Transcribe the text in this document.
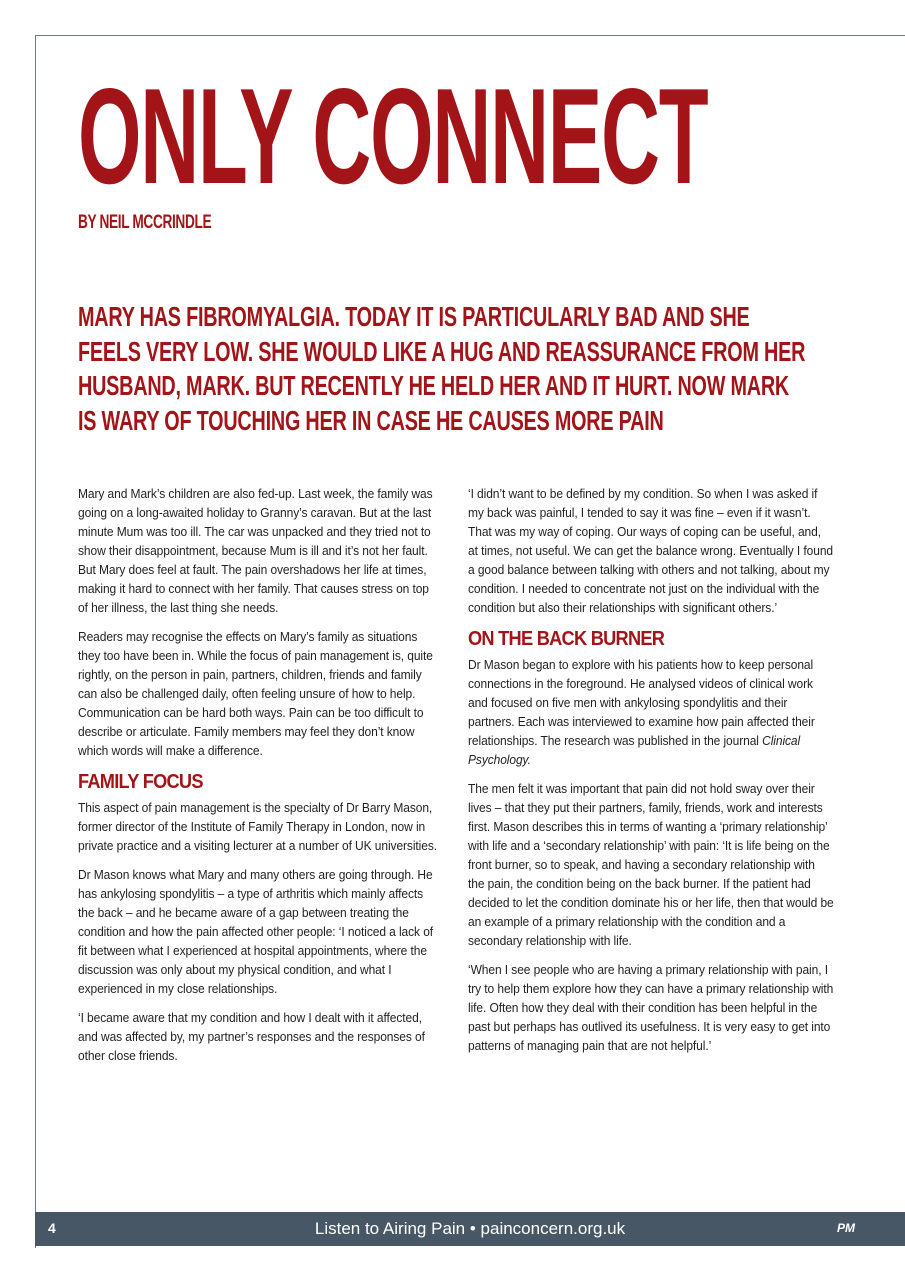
ONLY CONNECT
BY NEIL MCCRINDLE
MARY HAS FIBROMYALGIA. TODAY IT IS PARTICULARLY BAD AND SHE FEELS VERY LOW. SHE WOULD LIKE A HUG AND REASSURANCE FROM HER HUSBAND, MARK. BUT RECENTLY HE HELD HER AND IT HURT. NOW MARK IS WARY OF TOUCHING HER IN CASE HE CAUSES MORE PAIN

Mary and Mark’s children are also fed-up. Last week, the family was going on a long-awaited holiday to Granny’s caravan. But at the last minute Mum was too ill. The car was unpacked and they tried not to show their disappointment, because Mum is ill and it’s not her fault. But Mary does feel at fault. The pain overshadows her life at times, making it hard to connect with her family. That causes stress on top of her illness, the last thing she needs.

Readers may recognise the effects on Mary’s family as situations they too have been in. While the focus of pain management is, quite rightly, on the person in pain, partners, children, friends and family can also be challenged daily, often feeling unsure of how to help. Communication can be hard both ways. Pain can be too difficult to describe or articulate. Family members may feel they don’t know which words will make a difference.

FAMILY FOCUS

This aspect of pain management is the specialty of Dr Barry Mason, former director of the Institute of Family Therapy in London, now in private practice and a visiting lecturer at a number of UK universities.

Dr Mason knows what Mary and many others are going through. He has ankylosing spondylitis – a type of arthritis which mainly affects the back – and he became aware of a gap between treating the condition and how the pain affected other people: ‘I noticed a lack of fit between what I experienced at hospital appointments, where the discussion was only about my physical condition, and what I experienced in my close relationships.

‘I became aware that my condition and how I dealt with it affected, and was affected by, my partner’s responses and the responses of other close friends.

‘I didn’t want to be defined by my condition. So when I was asked if my back was painful, I tended to say it was fine – even if it wasn’t. That was my way of coping. Our ways of coping can be useful, and, at times, not useful. We can get the balance wrong. Eventually I found a good balance between talking with others and not talking, about my condition. I needed to concentrate not just on the individual with the condition but also their relationships with significant others.’

ON THE BACK BURNER

Dr Mason began to explore with his patients how to keep personal connections in the foreground. He analysed videos of clinical work and focused on five men with ankylosing spondylitis and their partners. Each was interviewed to examine how pain affected their relationships. The research was published in the journal Clinical Psychology.

The men felt it was important that pain did not hold sway over their lives – that they put their partners, family, friends, work and interests first. Mason describes this in terms of wanting a ‘primary relationship’ with life and a ‘secondary relationship’ with pain: ‘It is life being on the front burner, so to speak, and having a secondary relationship with the pain, the condition being on the back burner. If the patient had decided to let the condition dominate his or her life, then that would be an example of a primary relationship with the condition and a secondary relationship with life.

‘When I see people who are having a primary relationship with pain, I try to help them explore how they can have a primary relationship with life. Often how they deal with their condition has been helpful in the past but perhaps has outlived its usefulness. It is very easy to get into patterns of managing pain that are not helpful.’

4	Listen to Airing Pain • painconcern.org.uk	PM
